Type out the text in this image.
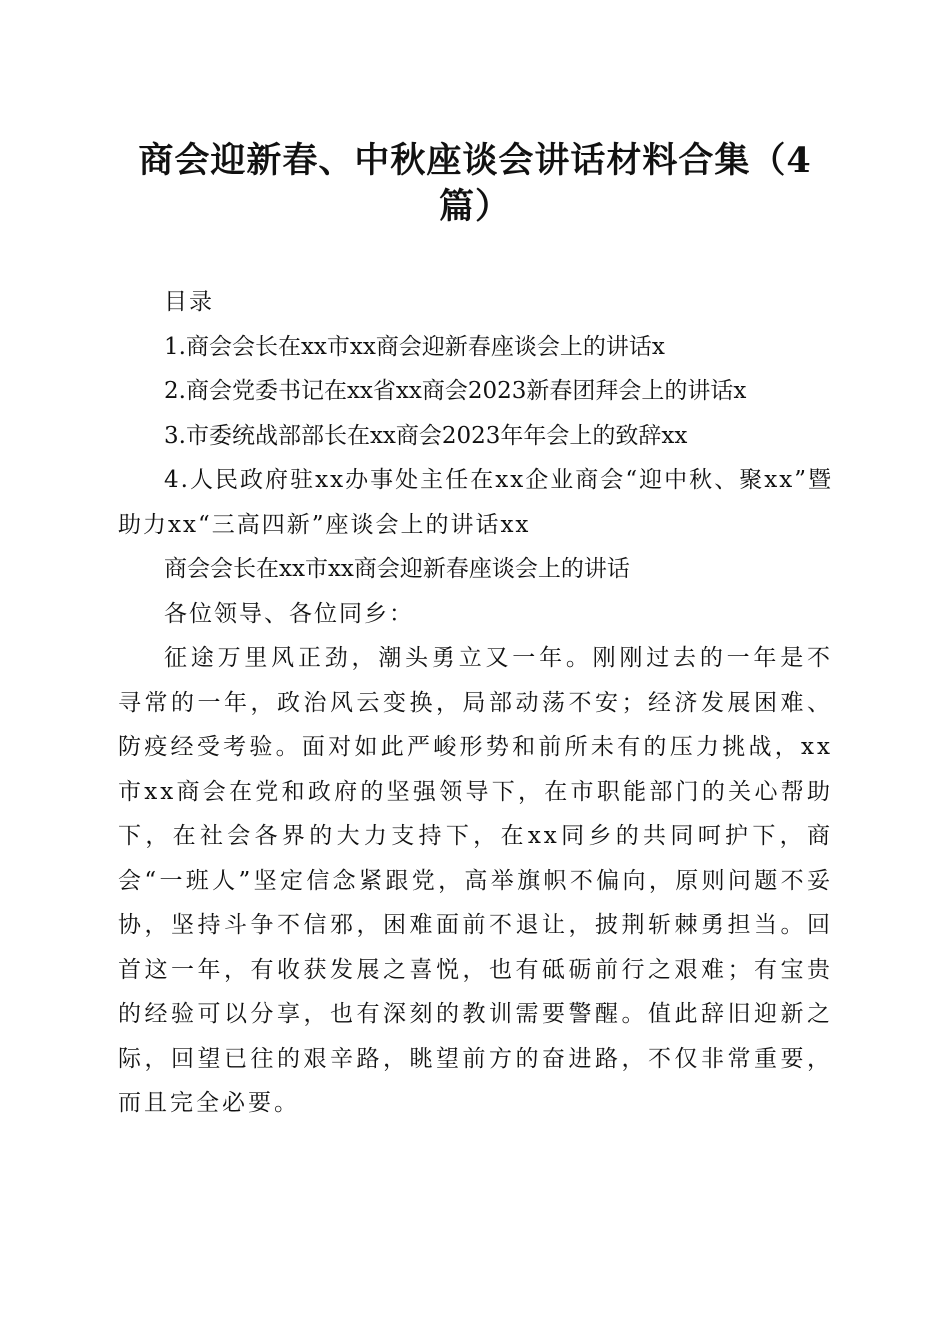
商会迎新春、中秋座谈会讲话材料合集（4
篇）

目录

1.商会会长在xx市xx商会迎新春座谈会上的讲话x

2.商会党委书记在xx省xx商会2023新春团拜会上的讲话x

3.市委统战部部长在xx商会2023年年会上的致辞xx

4.人民政府驻xx办事处主任在xx企业商会“迎中秋、聚xx”暨助力xx“三高四新”座谈会上的讲话xx

商会会长在xx市xx商会迎新春座谈会上的讲话

各位领导、各位同乡：

征途万里风正劲，潮头勇立又一年。刚刚过去的一年是不寻常的一年，政治风云变换，局部动荡不安；经济发展困难、防疫经受考验。面对如此严峻形势和前所未有的压力挑战，xx市xx商会在党和政府的坚强领导下，在市职能部门的关心帮助下，在社会各界的大力支持下，在xx同乡的共同呵护下，商会“一班人”坚定信念紧跟党，高举旗帜不偏向，原则问题不妥协，坚持斗争不信邪，困难面前不退让，披荆斩棘勇担当。回首这一年，有收获发展之喜悦，也有砥砺前行之艰难；有宝贵的经验可以分享，也有深刻的教训需要警醒。值此辞旧迎新之际，回望已往的艰辛路，眺望前方的奋进路，不仅非常重要，而且完全必要。
